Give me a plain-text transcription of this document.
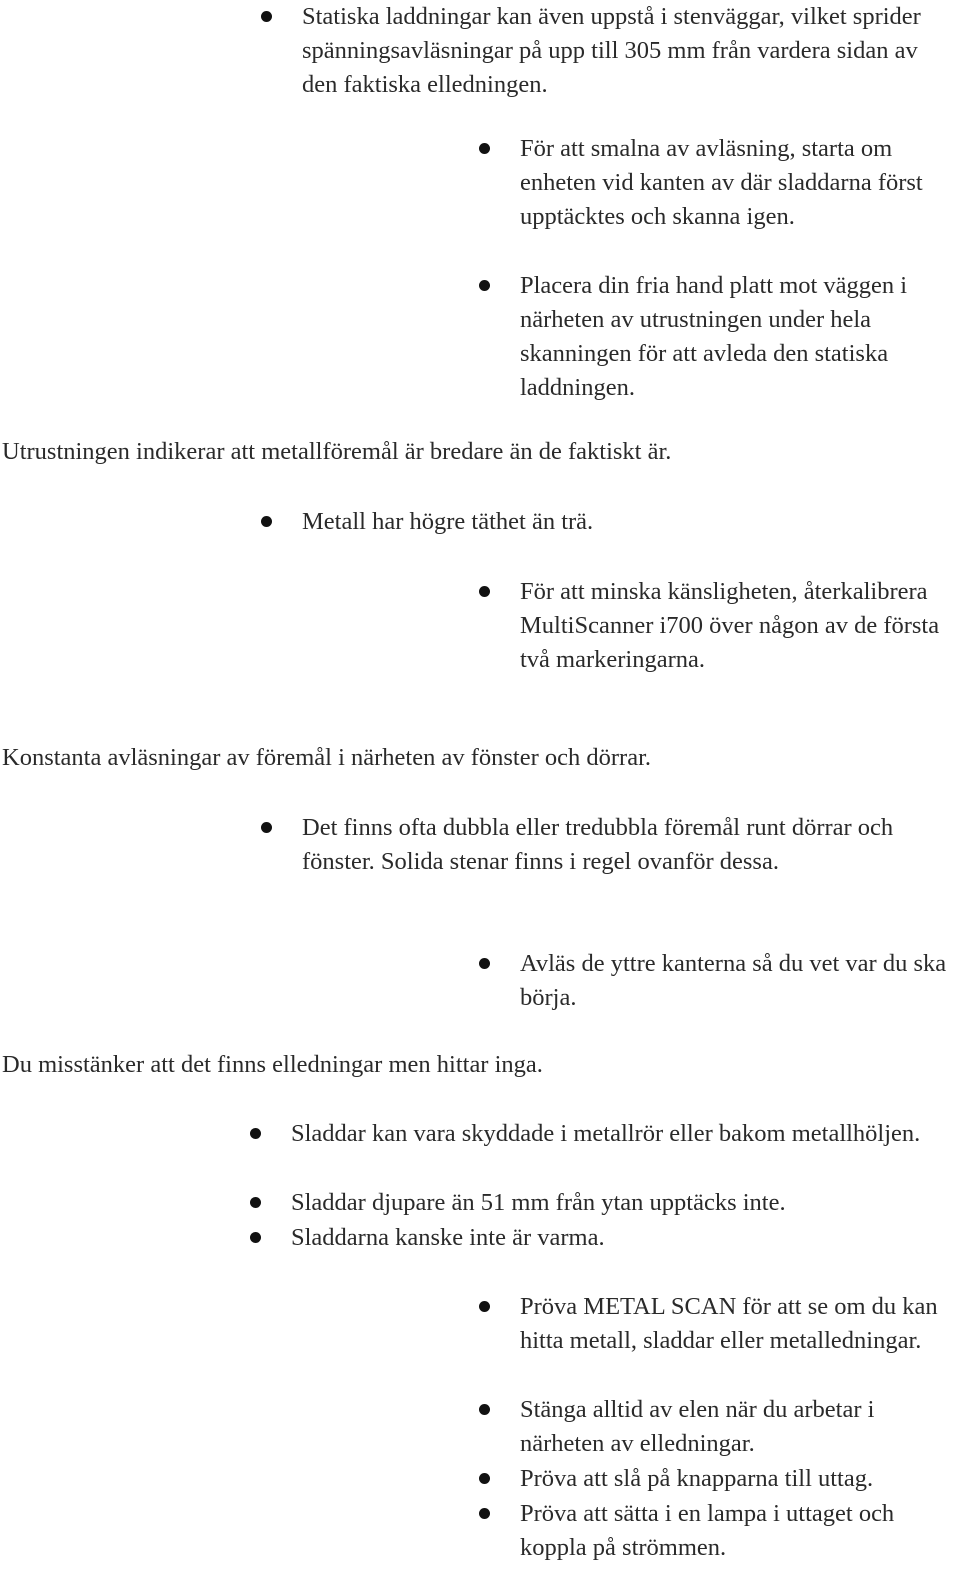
Statiska laddningar kan även uppstå i stenväggar, vilket sprider spänningsavläsningar på upp till 305 mm från vardera sidan av den faktiska elledningen.
För att smalna av avläsning, starta om enheten vid kanten av där sladdarna först upptäcktes och skanna igen.
Placera din fria hand platt mot väggen i närheten av utrustningen under hela skanningen för att avleda den statiska laddningen.

Utrustningen indikerar att metallföremål är bredare än de faktiskt är.

Metall har högre täthet än trä.
För att minska känsligheten, återkalibrera MultiScanner i700 över någon av de första två markeringarna.

Konstanta avläsningar av föremål i närheten av fönster och dörrar.

Det finns ofta dubbla eller tredubbla föremål runt dörrar och fönster. Solida stenar finns i regel ovanför dessa.
Avläs de yttre kanterna så du vet var du ska börja.

Du misstänker att det finns elledningar men hittar inga.

Sladdar kan vara skyddade i metallrör eller bakom metallhöljen.
Sladdar djupare än 51 mm från ytan upptäcks inte.
Sladdarna kanske inte är varma.
Pröva METAL SCAN för att se om du kan hitta metall, sladdar eller metalledningar.
Stänga alltid av elen när du arbetar i närheten av elledningar.
Pröva att slå på knapparna till uttag.
Pröva att sätta i en lampa i uttaget och koppla på strömmen.
